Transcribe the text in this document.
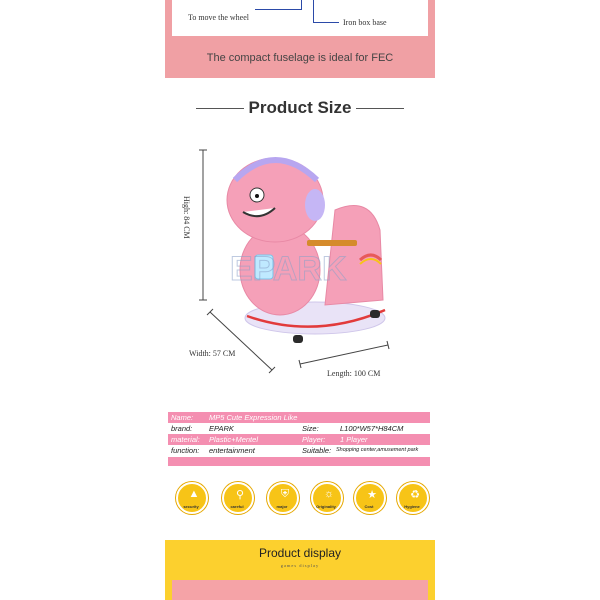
To move the wheel
Iron box base
The compact fuselage is ideal for FEC
Product Size
EPARK
High: 84 CM
Width: 57 CM
Length: 100 CM
Name: MP5 Cute Expression Like
brand: EPARK	Size:	L100*W57*H84CM
material: Plastic+Mentel	Player: 1 Player
function: entertainment	Suitable: Shopping center,amusement park
▲
security
⚲
careful
⛨
major
☼
Originality
★
Cost
♻
Hygiene
Product display
games display
